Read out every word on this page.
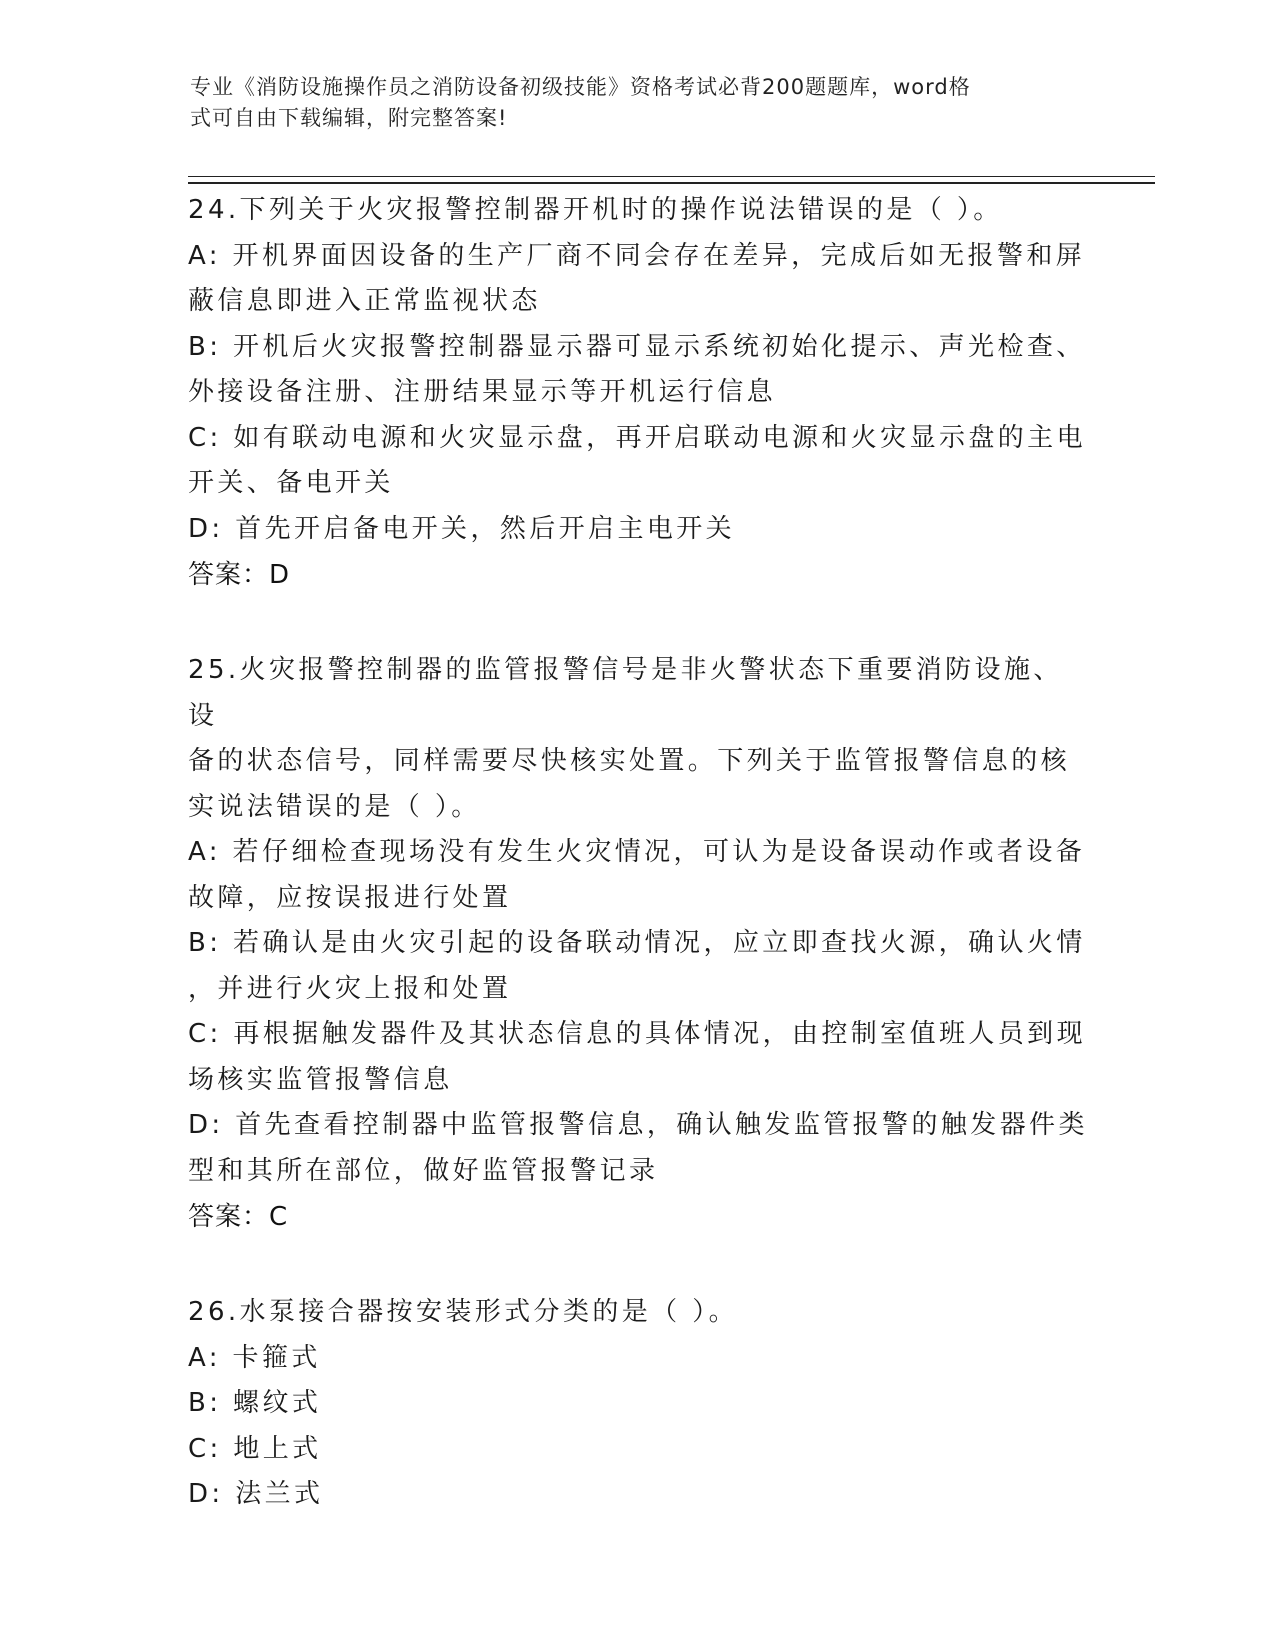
专业《消防设施操作员之消防设备初级技能》资格考试必背200题题库，word格
式可自由下载编辑，附完整答案!
24.下列关于火灾报警控制器开机时的操作说法错误的是（ ）。
A: 开机界面因设备的生产厂商不同会存在差异，完成后如无报警和屏
蔽信息即进入正常监视状态
B: 开机后火灾报警控制器显示器可显示系统初始化提示、声光检查、
外接设备注册、注册结果显示等开机运行信息
C: 如有联动电源和火灾显示盘，再开启联动电源和火灾显示盘的主电
开关、备电开关
D: 首先开启备电开关，然后开启主电开关
答案：D
25.火灾报警控制器的监管报警信号是非火警状态下重要消防设施、设
备的状态信号，同样需要尽快核实处置。下列关于监管报警信息的核
实说法错误的是（ ）。
A: 若仔细检查现场没有发生火灾情况，可认为是设备误动作或者设备
故障，应按误报进行处置
B: 若确认是由火灾引起的设备联动情况，应立即查找火源，确认火情
，并进行火灾上报和处置
C: 再根据触发器件及其状态信息的具体情况，由控制室值班人员到现
场核实监管报警信息
D: 首先查看控制器中监管报警信息，确认触发监管报警的触发器件类
型和其所在部位，做好监管报警记录
答案：C
26.水泵接合器按安装形式分类的是（ ）。
A: 卡箍式
B: 螺纹式
C: 地上式
D: 法兰式
